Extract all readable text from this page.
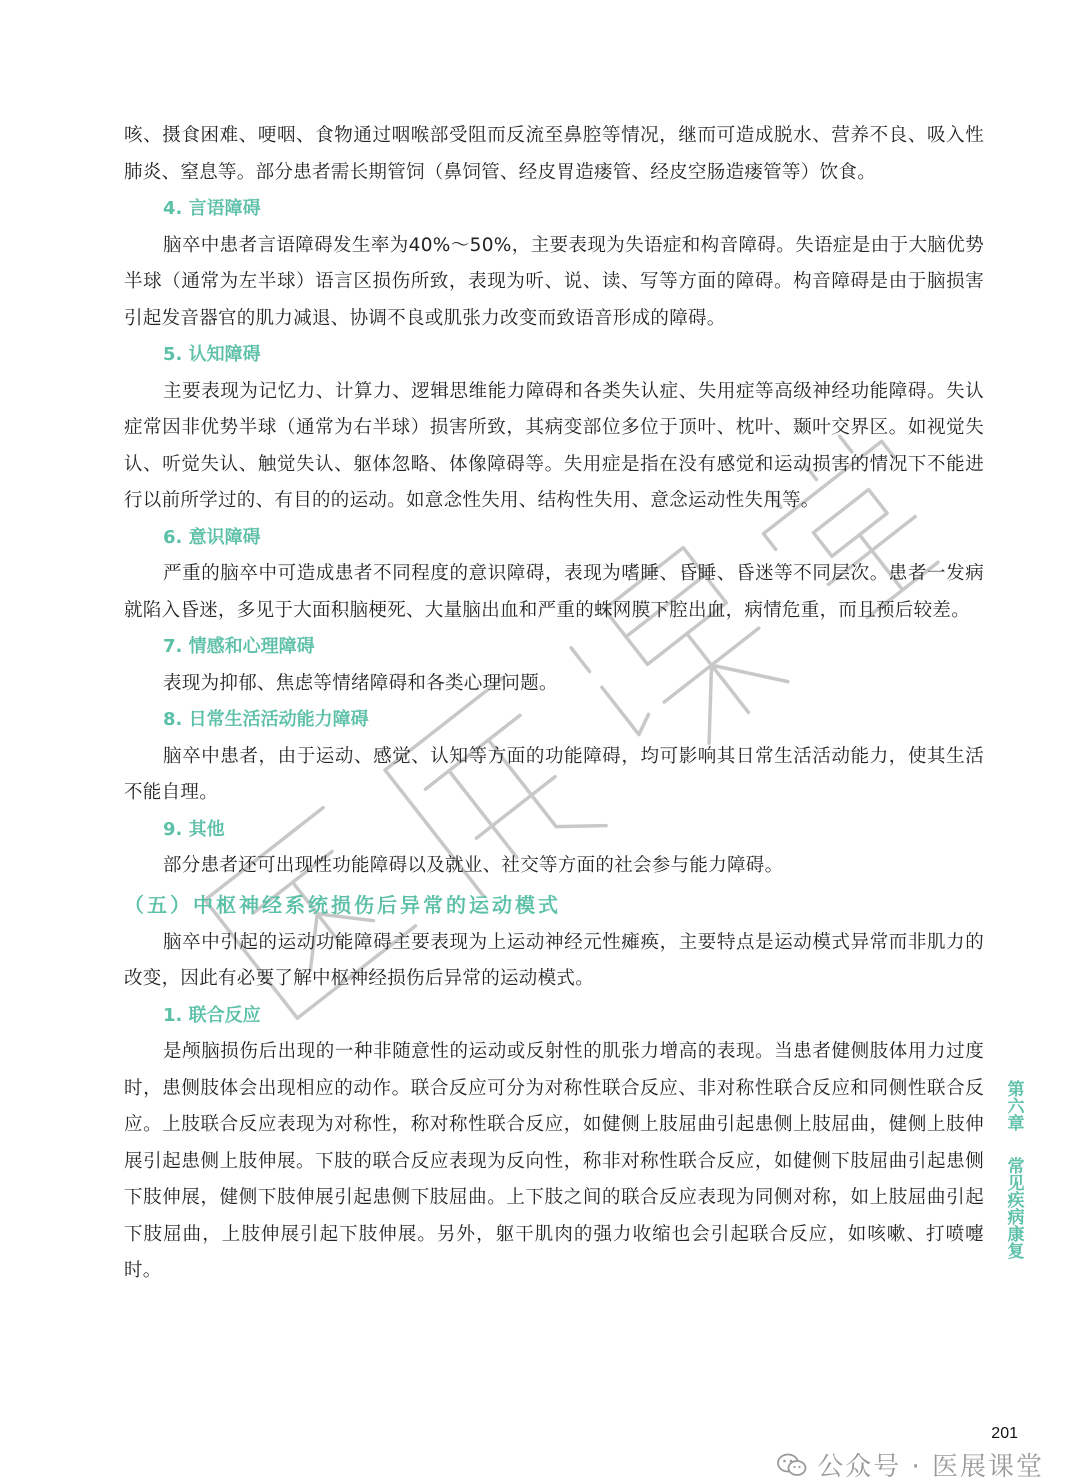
咳、摄食困难、哽咽、食物通过咽喉部受阻而反流至鼻腔等情况，继而可造成脱水、营养不良、吸入性肺炎、窒息等。部分患者需长期管饲（鼻饲管、经皮胃造瘘管、经皮空肠造瘘管等）饮食。

4. 言语障碍

脑卒中患者言语障碍发生率为40%～50%，主要表现为失语症和构音障碍。失语症是由于大脑优势半球（通常为左半球）语言区损伤所致，表现为听、说、读、写等方面的障碍。构音障碍是由于脑损害引起发音器官的肌力减退、协调不良或肌张力改变而致语音形成的障碍。

5. 认知障碍

主要表现为记忆力、计算力、逻辑思维能力障碍和各类失认症、失用症等高级神经功能障碍。失认症常因非优势半球（通常为右半球）损害所致，其病变部位多位于顶叶、枕叶、颞叶交界区。如视觉失认、听觉失认、触觉失认、躯体忽略、体像障碍等。失用症是指在没有感觉和运动损害的情况下不能进行以前所学过的、有目的的运动。如意念性失用、结构性失用、意念运动性失用等。

6. 意识障碍

严重的脑卒中可造成患者不同程度的意识障碍，表现为嗜睡、昏睡、昏迷等不同层次。患者一发病就陷入昏迷，多见于大面积脑梗死、大量脑出血和严重的蛛网膜下腔出血，病情危重，而且预后较差。

7. 情感和心理障碍

表现为抑郁、焦虑等情绪障碍和各类心理问题。

8. 日常生活活动能力障碍

脑卒中患者，由于运动、感觉、认知等方面的功能障碍，均可影响其日常生活活动能力，使其生活不能自理。

9. 其他

部分患者还可出现性功能障碍以及就业、社交等方面的社会参与能力障碍。

（五）中枢神经系统损伤后异常的运动模式

脑卒中引起的运动功能障碍主要表现为上运动神经元性瘫痪，主要特点是运动模式异常而非肌力的改变，因此有必要了解中枢神经损伤后异常的运动模式。

1. 联合反应

是颅脑损伤后出现的一种非随意性的运动或反射性的肌张力增高的表现。当患者健侧肢体用力过度时，患侧肢体会出现相应的动作。联合反应可分为对称性联合反应、非对称性联合反应和同侧性联合反应。上肢联合反应表现为对称性，称对称性联合反应，如健侧上肢屈曲引起患侧上肢屈曲，健侧上肢伸展引起患侧上肢伸展。下肢的联合反应表现为反向性，称非对称性联合反应，如健侧下肢屈曲引起患侧下肢伸展，健侧下肢伸展引起患侧下肢屈曲。上下肢之间的联合反应表现为同侧对称，如上肢屈曲引起下肢屈曲，上肢伸展引起下肢伸展。另外，躯干肌肉的强力收缩也会引起联合反应，如咳嗽、打喷嚏时。

第六章
常见疾病康复
201
公众号 · 医展课堂
